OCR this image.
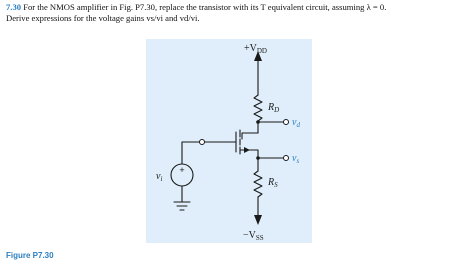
7.30 For the NMOS amplifier in Fig. P7.30, replace the transistor with its T equivalent circuit, assuming λ = 0.
Derive expressions for the voltage gains vs/vi and vd/vi.
$+V_{DD}$
$R_D$
$v_d$
$v_s$
$R_S$
$v_i$
+
$-V_{SS}$
Figure P7.30
